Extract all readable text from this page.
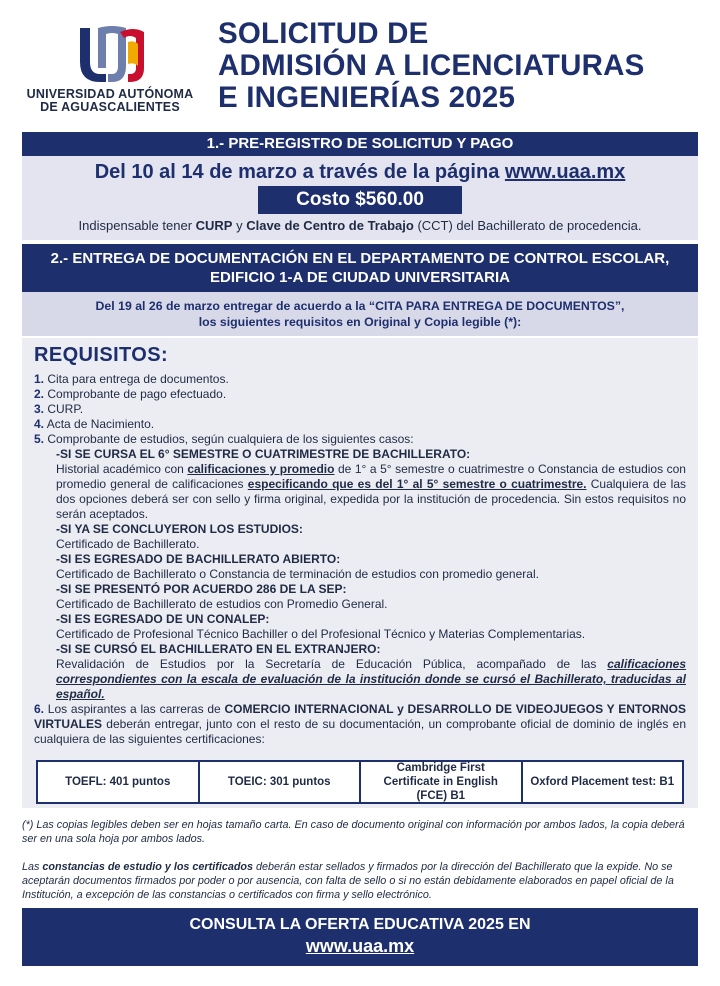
UNIVERSIDAD AUTÓNOMA
DE AGUASCALIENTES
SOLICITUD DE
ADMISIÓN A LICENCIATURAS
E INGENIERÍAS 2025
1.- PRE-REGISTRO DE SOLICITUD Y PAGO
Del 10 al 14 de marzo a través de la página www.uaa.mx
Costo $560.00
Indispensable tener CURP y Clave de Centro de Trabajo (CCT) del Bachillerato de procedencia.
2.- ENTREGA DE DOCUMENTACIÓN EN EL DEPARTAMENTO DE CONTROL ESCOLAR,
EDIFICIO 1-A DE CIUDAD UNIVERSITARIA
Del 19 al 26 de marzo entregar de acuerdo a la “CITA PARA ENTREGA DE DOCUMENTOS”,
los siguientes requisitos en Original y Copia legible (*):
REQUISITOS:
1. Cita para entrega de documentos.
2. Comprobante de pago efectuado.
3. CURP.
4. Acta de Nacimiento.
5. Comprobante de estudios, según cualquiera de los siguientes casos:
-SI SE CURSA EL 6° SEMESTRE O CUATRIMESTRE DE BACHILLERATO:
Historial académico con calificaciones y promedio de 1° a 5° semestre o cuatrimestre o Constancia de estudios con promedio general de calificaciones especificando que es del 1° al 5° semestre o cuatrimestre. Cualquiera de las dos opciones deberá ser con sello y firma original, expedida por la institución de procedencia. Sin estos requisitos no serán aceptados.
-SI YA SE CONCLUYERON LOS ESTUDIOS:
Certificado de Bachillerato.
-SI ES EGRESADO DE BACHILLERATO ABIERTO:
Certificado de Bachillerato o Constancia de terminación de estudios con promedio general.
-SI SE PRESENTÓ POR ACUERDO 286 DE LA SEP:
Certificado de Bachillerato de estudios con Promedio General.
-SI ES EGRESADO DE UN CONALEP:
Certificado de Profesional Técnico Bachiller o del Profesional Técnico y Materias Complementarias.
-SI SE CURSÓ EL BACHILLERATO EN EL EXTRANJERO:
Revalidación de Estudios por la Secretaría de Educación Pública, acompañado de las calificaciones correspondientes con la escala de evaluación de la institución donde se cursó el Bachillerato, traducidas al español.
6. Los aspirantes a las carreras de COMERCIO INTERNACIONAL y DESARROLLO DE VIDEOJUEGOS Y ENTORNOS VIRTUALES deberán entregar, junto con el resto de su documentación, un comprobante oficial de dominio de inglés en cualquiera de las siguientes certificaciones:
TOEFL: 401 puntos	TOEIC: 301 puntos
Cambridge First Certificate in English (FCE) B1
Oxford Placement test: B1
(*) Las copias legibles deben ser en hojas tamaño carta. En caso de documento original con información por ambos lados, la copia deberá ser en una sola hoja por ambos lados.
Las constancias de estudio y los certificados deberán estar sellados y firmados por la dirección del Bachillerato que la expide. No se aceptarán documentos firmados por poder o por ausencia, con falta de sello o si no están debidamente elaborados en papel oficial de la Institución, a excepción de las constancias o certificados con firma y sello electrónico.
CONSULTA LA OFERTA EDUCATIVA 2025 EN
www.uaa.mx
